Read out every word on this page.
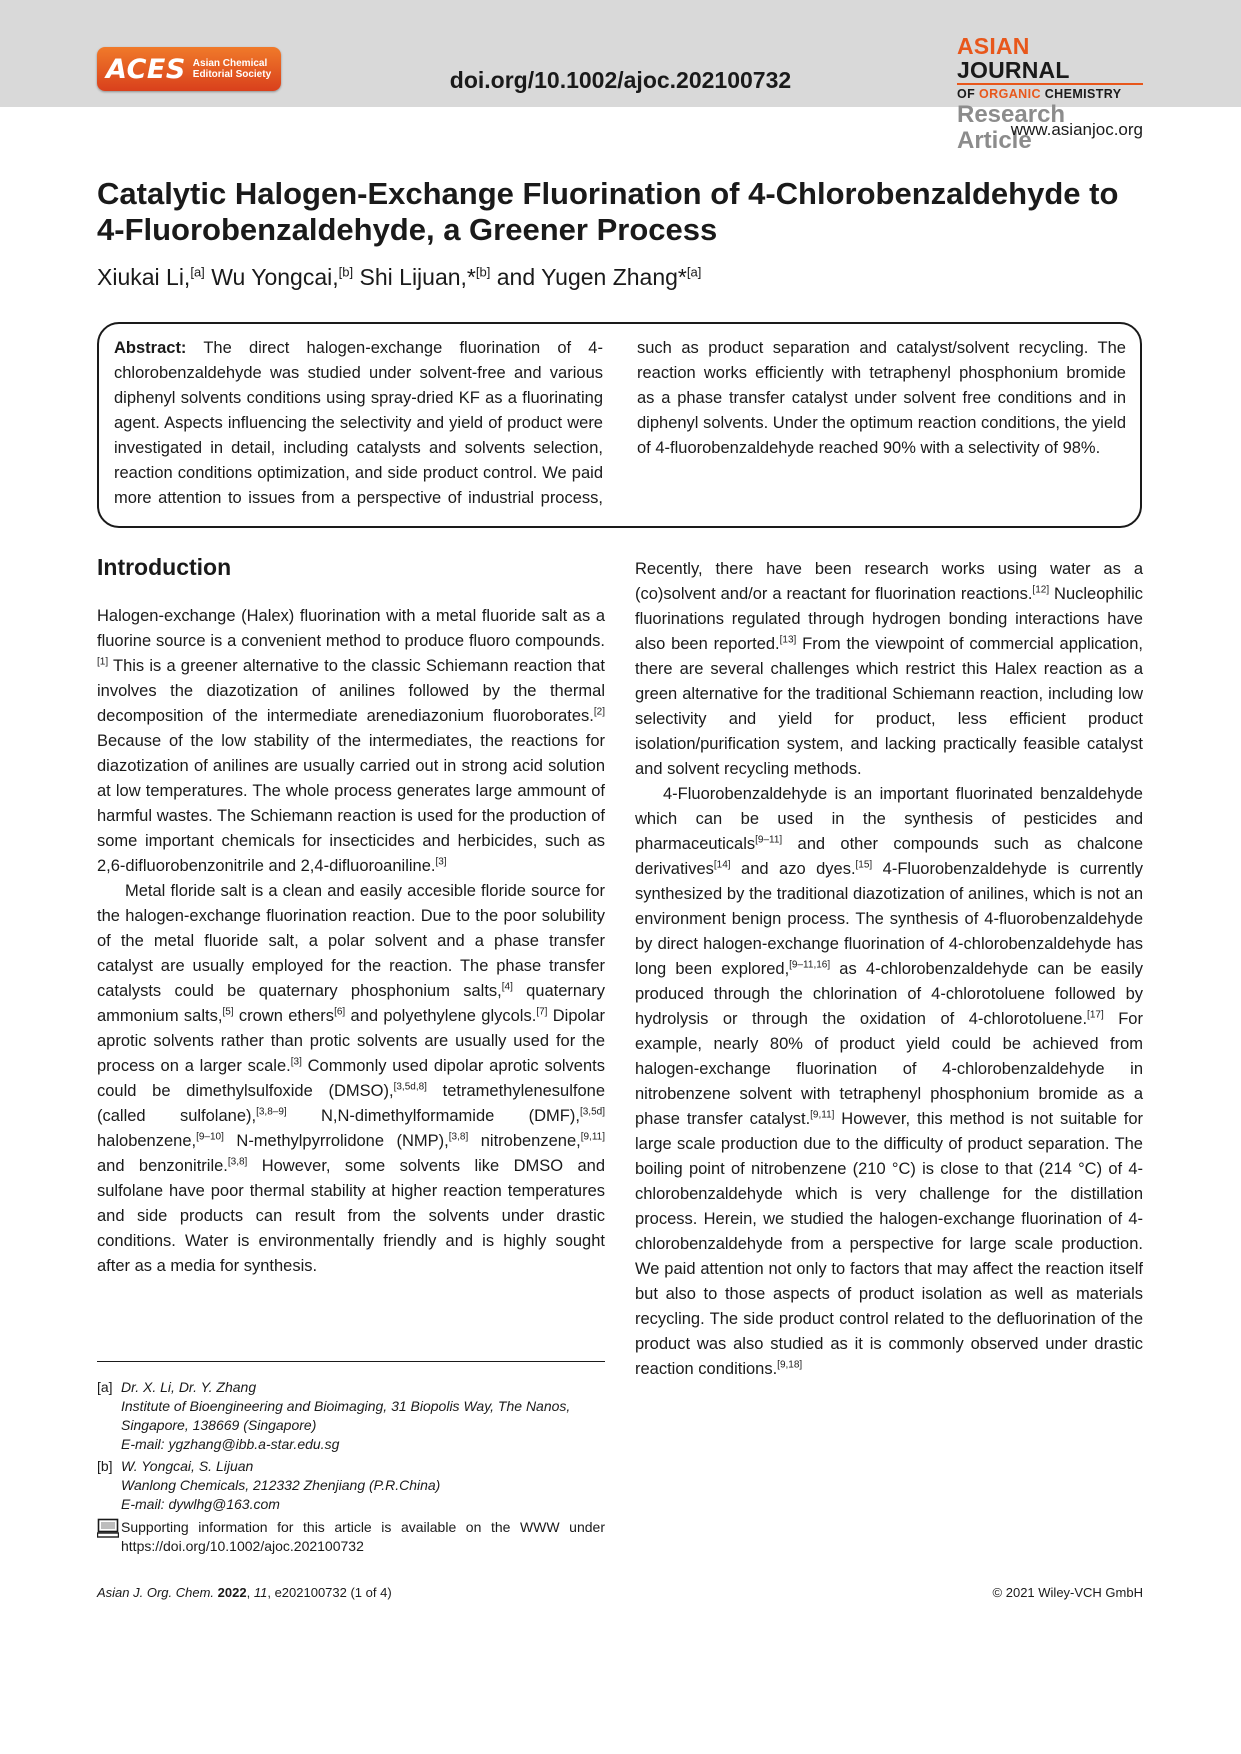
ACES Asian Chemical
Editorial Society	doi.org/10.1002/ajoc.202100732
ASIAN JOURNAL
OF ORGANIC CHEMISTRY
Research Article
www.asianjoc.org
Catalytic Halogen-Exchange Fluorination of 4-Chlorobenzaldehyde to 4-Fluorobenzaldehyde, a Greener Process
Xiukai Li,[a] Wu Yongcai,[b] Shi Lijuan,*[b] and Yugen Zhang*[a]
Abstract: The direct halogen-exchange fluorination of 4-chlorobenzaldehyde was studied under solvent-free and various diphenyl solvents conditions using spray-dried KF as a fluorinating agent. Aspects influencing the selectivity and yield of product were investigated in detail, including catalysts and solvents selection, reaction conditions optimization, and side product control. We paid more attention to issues from a perspective of industrial process, such as product separation and catalyst/solvent recycling. The reaction works efficiently with tetraphenyl phosphonium bromide as a phase transfer catalyst under solvent free conditions and in diphenyl solvents. Under the optimum reaction conditions, the yield of 4-fluorobenzaldehyde reached 90% with a selectivity of 98%.
Introduction

Halogen-exchange (Halex) fluorination with a metal fluoride salt as a fluorine source is a convenient method to produce fluoro compounds.[1] This is a greener alternative to the classic Schiemann reaction that involves the diazotization of anilines followed by the thermal decomposition of the intermediate arenediazonium fluoroborates.[2] Because of the low stability of the intermediates, the reactions for diazotization of anilines are usually carried out in strong acid solution at low temperatures. The whole process generates large ammount of harmful wastes. The Schiemann reaction is used for the production of some important chemicals for insecticides and herbicides, such as 2,6-difluorobenzonitrile and 2,4-difluoroaniline.[3]

Metal floride salt is a clean and easily accesible floride source for the halogen-exchange fluorination reaction. Due to the poor solubility of the metal fluoride salt, a polar solvent and a phase transfer catalyst are usually employed for the reaction. The phase transfer catalysts could be quaternary phosphonium salts,[4] quaternary ammonium salts,[5] crown ethers[6] and polyethylene glycols.[7] Dipolar aprotic solvents rather than protic solvents are usually used for the process on a larger scale.[3] Commonly used dipolar aprotic solvents could be dimethylsulfoxide (DMSO),[3,5d,8] tetramethylenesulfone (called sulfolane),[3,8–9] N,N-dimethylformamide (DMF),[3,5d] halobenzene,[9–10] N-methylpyrrolidone (NMP),[3,8] nitrobenzene,[9,11] and benzonitrile.[3,8] However, some solvents like DMSO and sulfolane have poor thermal stability at higher reaction temperatures and side products can result from the solvents under drastic conditions. Water is environmentally friendly and is highly sought after as a media for synthesis.

Recently, there have been research works using water as a (co)solvent and/or a reactant for fluorination reactions.[12] Nucleophilic fluorinations regulated through hydrogen bonding interactions have also been reported.[13] From the viewpoint of commercial application, there are several challenges which restrict this Halex reaction as a green alternative for the traditional Schiemann reaction, including low selectivity and yield for product, less efficient product isolation/purification system, and lacking practically feasible catalyst and solvent recycling methods.

4-Fluorobenzaldehyde is an important fluorinated benzaldehyde which can be used in the synthesis of pesticides and pharmaceuticals[9–11] and other compounds such as chalcone derivatives[14] and azo dyes.[15] 4-Fluorobenzaldehyde is currently synthesized by the traditional diazotization of anilines, which is not an environment benign process. The synthesis of 4-fluorobenzaldehyde by direct halogen-exchange fluorination of 4-chlorobenzaldehyde has long been explored,[9–11,16] as 4-chlorobenzaldehyde can be easily produced through the chlorination of 4-chlorotoluene followed by hydrolysis or through the oxidation of 4-chlorotoluene.[17] For example, nearly 80% of product yield could be achieved from halogen-exchange fluorination of 4-chlorobenzaldehyde in nitrobenzene solvent with tetraphenyl phosphonium bromide as a phase transfer catalyst.[9,11] However, this method is not suitable for large scale production due to the difficulty of product separation. The boiling point of nitrobenzene (210 °C) is close to that (214 °C) of 4-chlorobenzaldehyde which is very challenge for the distillation process. Herein, we studied the halogen-exchange fluorination of 4-chlorobenzaldehyde from a perspective for large scale production. We paid attention not only to factors that may affect the reaction itself but also to those aspects of product isolation as well as materials recycling. The side product control related to the defluorination of the product was also studied as it is commonly observed under drastic reaction conditions.[9,18]

[a] Dr. X. Li, Dr. Y. Zhang
Institute of Bioengineering and Bioimaging, 31 Biopolis Way, The Nanos,
Singapore, 138669 (Singapore)
E-mail: ygzhang@ibb.a-star.edu.sg
[b] W. Yongcai, S. Lijuan
Wanlong Chemicals, 212332 Zhenjiang (P.R.China)
E-mail: dywlhg@163.com
Supporting information for this article is available on the WWW under https://doi.org/10.1002/ajoc.202100732
Asian J. Org. Chem. 2022, 11, e202100732 (1 of 4)	© 2021 Wiley-VCH GmbH
